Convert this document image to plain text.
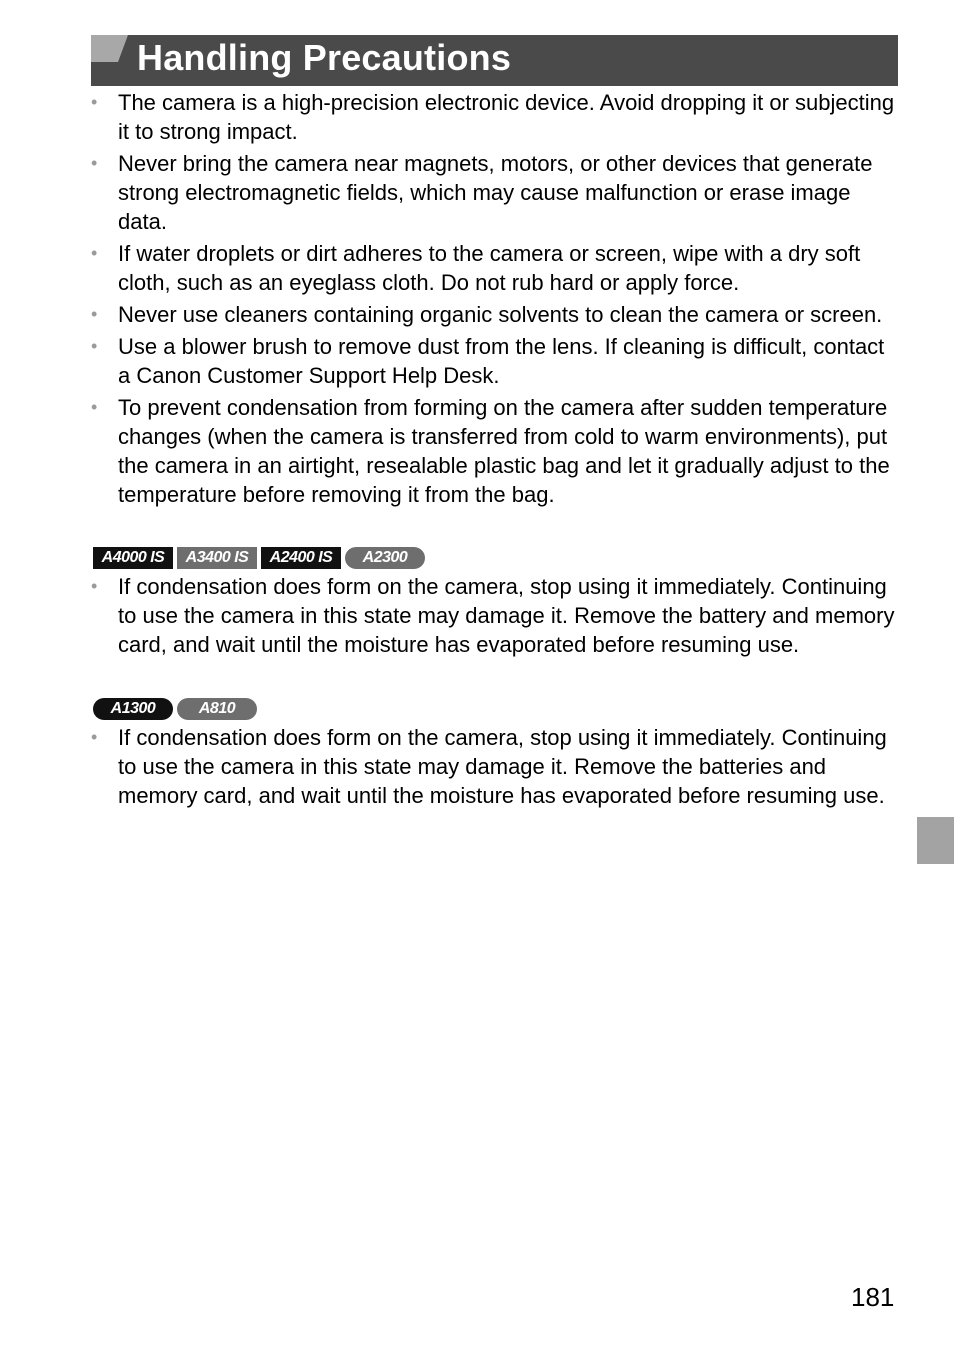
Handling Precautions
• The camera is a high-precision electronic device. Avoid dropping it or subjecting it to strong impact.
• Never bring the camera near magnets, motors, or other devices that generate strong electromagnetic fields, which may cause malfunction or erase image data.
• If water droplets or dirt adheres to the camera or screen, wipe with a dry soft cloth, such as an eyeglass cloth. Do not rub hard or apply force.
• Never use cleaners containing organic solvents to clean the camera or screen.
• Use a blower brush to remove dust from the lens. If cleaning is difficult, contact a Canon Customer Support Help Desk.
• To prevent condensation from forming on the camera after sudden temperature changes (when the camera is transferred from cold to warm environments), put the camera in an airtight, resealable plastic bag and let it gradually adjust to the temperature before removing it from the bag.
A4000 IS	A3400 IS	A2400 IS	A2300
• If condensation does form on the camera, stop using it immediately. Continuing to use the camera in this state may damage it. Remove the battery and memory card, and wait until the moisture has evaporated before resuming use.
A1300	A810
• If condensation does form on the camera, stop using it immediately. Continuing to use the camera in this state may damage it. Remove the batteries and memory card, and wait until the moisture has evaporated before resuming use.
181
